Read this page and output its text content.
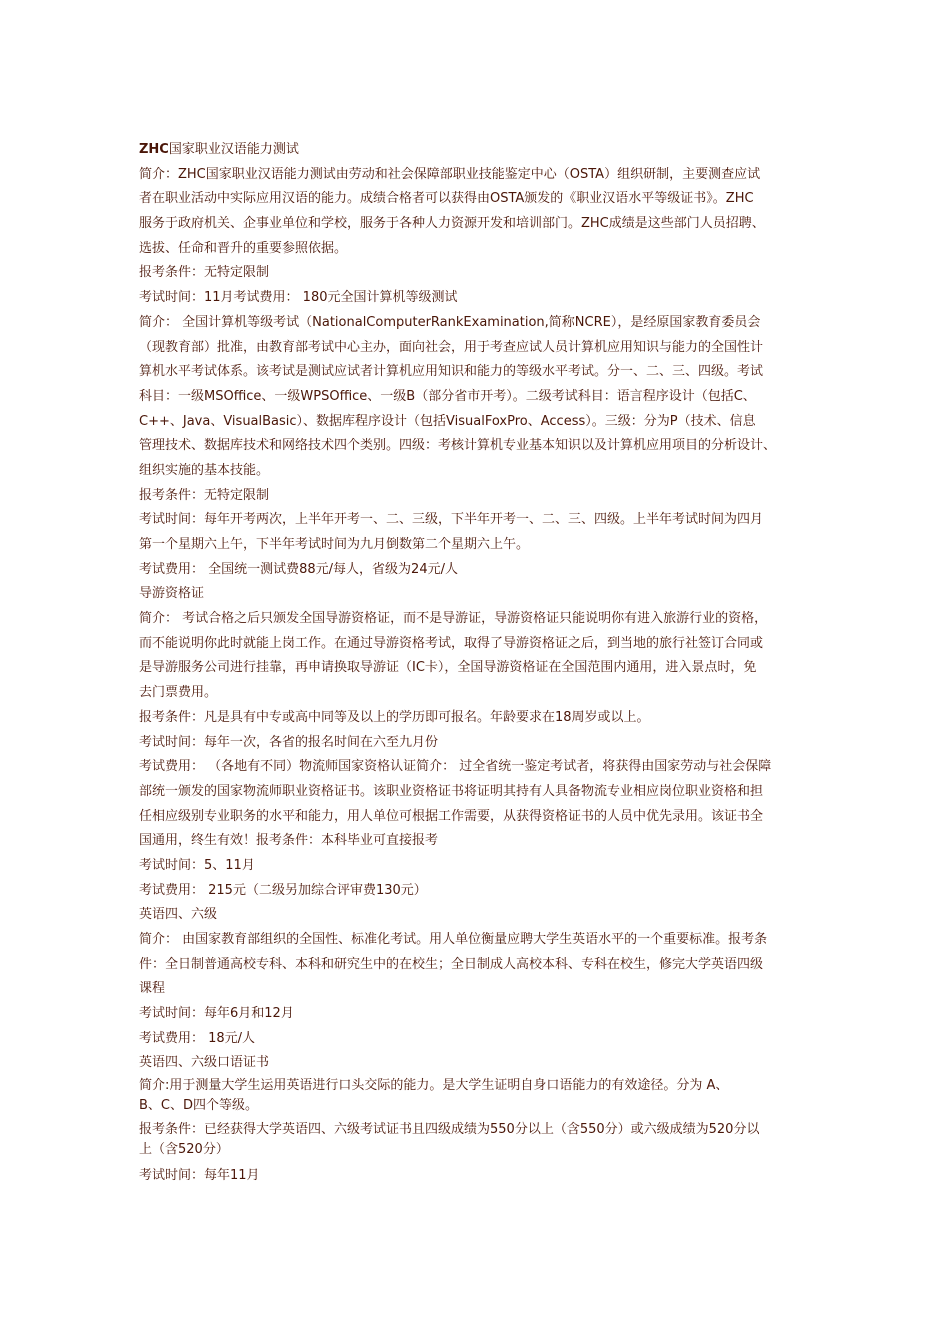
ZHC国家职业汉语能力测试
简介：ZHC国家职业汉语能力测试由劳动和社会保障部职业技能鉴定中心（OSTA）组织研制，主要测查应试
者在职业活动中实际应用汉语的能力。成绩合格者可以获得由OSTA颁发的《职业汉语水平等级证书》。ZHC
服务于政府机关、企事业单位和学校，服务于各种人力资源开发和培训部门。ZHC成绩是这些部门人员招聘、
选拔、任命和晋升的重要参照依据。
报考条件：无特定限制
考试时间：11月考试费用： 180元全国计算机等级测试
简介： 全国计算机等级考试（NationalComputerRankExamination,简称NCRE），是经原国家教育委员会
（现教育部）批准，由教育部考试中心主办，面向社会，用于考查应试人员计算机应用知识与能力的全国性计
算机水平考试体系。该考试是测试应试者计算机应用知识和能力的等级水平考试。分一、二、三、四级。考试
科目：一级MSOffice、一级WPSOffice、一级B（部分省市开考）。二级考试科目：语言程序设计（包括C、
C++、Java、VisualBasic）、数据库程序设计（包括VisualFoxPro、Access）。三级：分为P（技术、信息
管理技术、数据库技术和网络技术四个类别。四级：考核计算机专业基本知识以及计算机应用项目的分析设计、
组织实施的基本技能。
报考条件：无特定限制
考试时间：每年开考两次，上半年开考一、二、三级，下半年开考一、二、三、四级。上半年考试时间为四月
第一个星期六上午，下半年考试时间为九月倒数第二个星期六上午。
考试费用： 全国统一测试费88元/每人，省级为24元/人
导游资格证
简介： 考试合格之后只颁发全国导游资格证，而不是导游证，导游资格证只能说明你有进入旅游行业的资格，
而不能说明你此时就能上岗工作。在通过导游资格考试，取得了导游资格证之后，到当地的旅行社签订合同或
是导游服务公司进行挂靠，再申请换取导游证（IC卡），全国导游资格证在全国范围内通用，进入景点时，免
去门票费用。
报考条件：凡是具有中专或高中同等及以上的学历即可报名。年龄要求在18周岁或以上。
考试时间：每年一次，各省的报名时间在六至九月份
考试费用： （各地有不同）物流师国家资格认证简介： 过全省统一鉴定考试者，将获得由国家劳动与社会保障
部统一颁发的国家物流师职业资格证书。该职业资格证书将证明其持有人具备物流专业相应岗位职业资格和担
任相应级别专业职务的水平和能力，用人单位可根据工作需要，从获得资格证书的人员中优先录用。该证书全
国通用，终生有效！报考条件：本科毕业可直接报考
考试时间：5、11月
考试费用： 215元（二级另加综合评审费130元）
英语四、六级
简介： 由国家教育部组织的全国性、标准化考试。用人单位衡量应聘大学生英语水平的一个重要标准。报考条
件：全日制普通高校专科、本科和研究生中的在校生；全日制成人高校本科、专科在校生，修完大学英语四级
课程
考试时间：每年6月和12月
考试费用： 18元/人
英语四、六级口语证书
简介:用于测量大学生运用英语进行口头交际的能力。是大学生证明自身口语能力的有效途径。分为 A、
B、C、D四个等级。
报考条件：已经获得大学英语四、六级考试证书且四级成绩为550分以上（含550分）或六级成绩为520分以
上（含520分）
考试时间：每年11月
